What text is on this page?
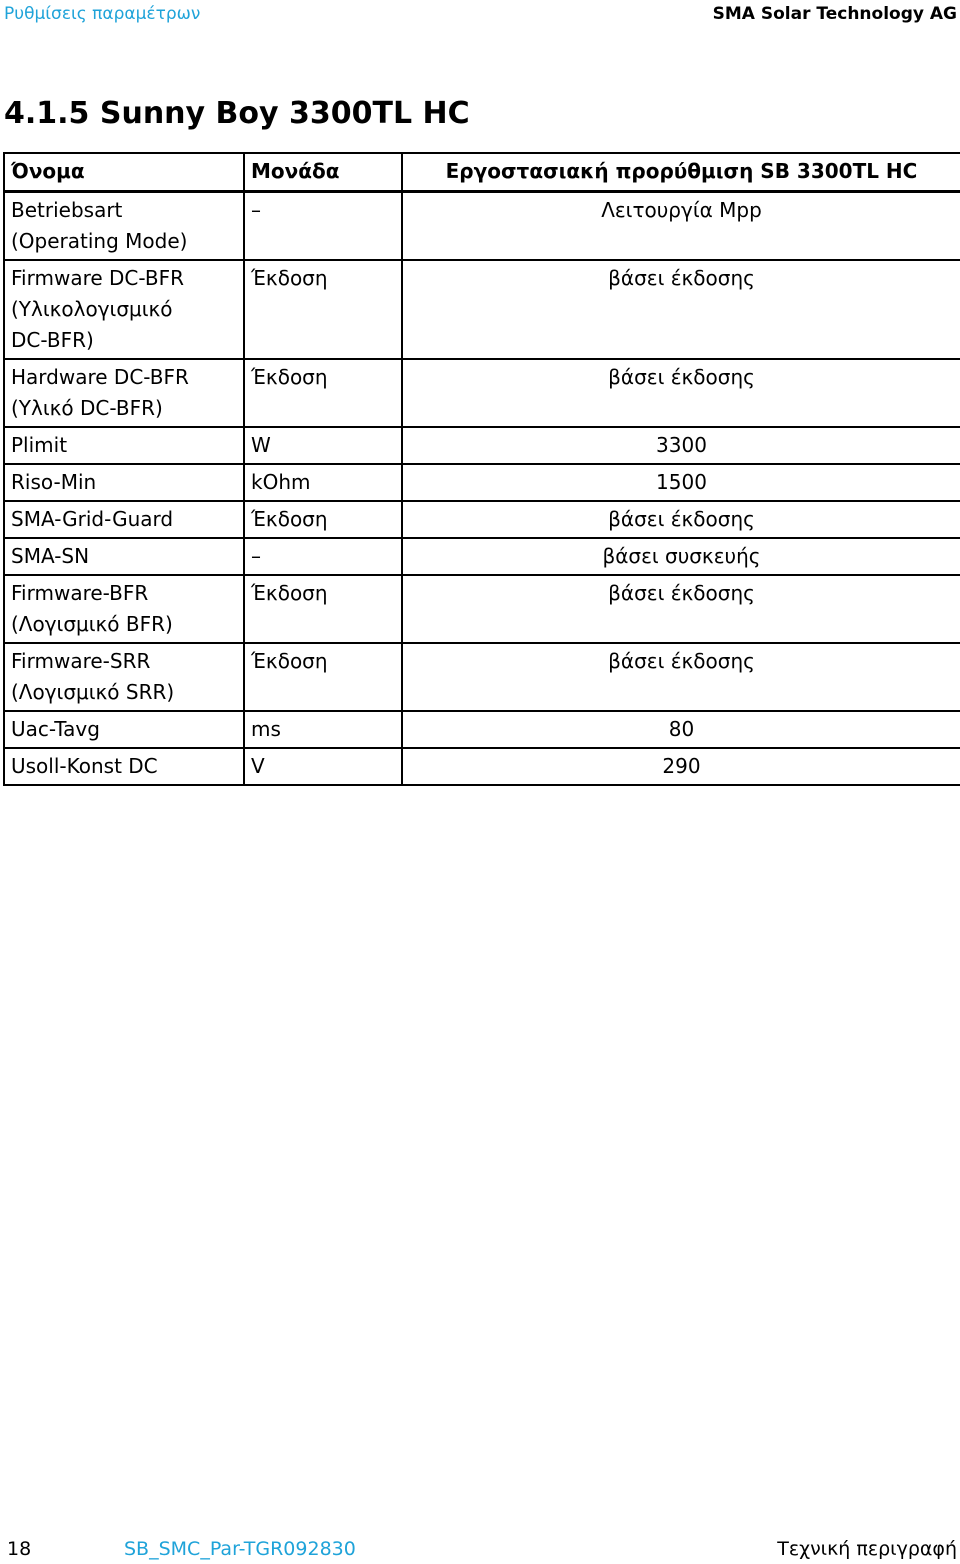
Ρυθμίσεις παραμέτρων	SMA Solar Technology AG
4.1.5 Sunny Boy 3300TL HC
Όνομα	Μονάδα	Εργοστασιακή προρύθμιση SB 3300TL HC

Betriebsart
(Operating Mode)	–	Λειτουργία Mpp

Firmware DC-BFR
(Υλικολογισμικό
DC-BFR)	Έκδοση	βάσει έκδοσης

Hardware DC-BFR
(Υλικό DC-BFR)	Έκδοση	βάσει έκδοσης

Plimit	W	3300

Riso-Min	kOhm	1500

SMA-Grid-Guard	Έκδοση	βάσει έκδοσης

SMA-SN	–	βάσει συσκευής

Firmware-BFR
(Λογισμικό BFR)	Έκδοση	βάσει έκδοσης

Firmware-SRR
(Λογισμικό SRR)	Έκδοση	βάσει έκδοσης

Uac-Tavg	ms	80

Usoll-Konst DC	V	290
18	SB_SMC_Par-TGR092830	Τεχνική περιγραφή
